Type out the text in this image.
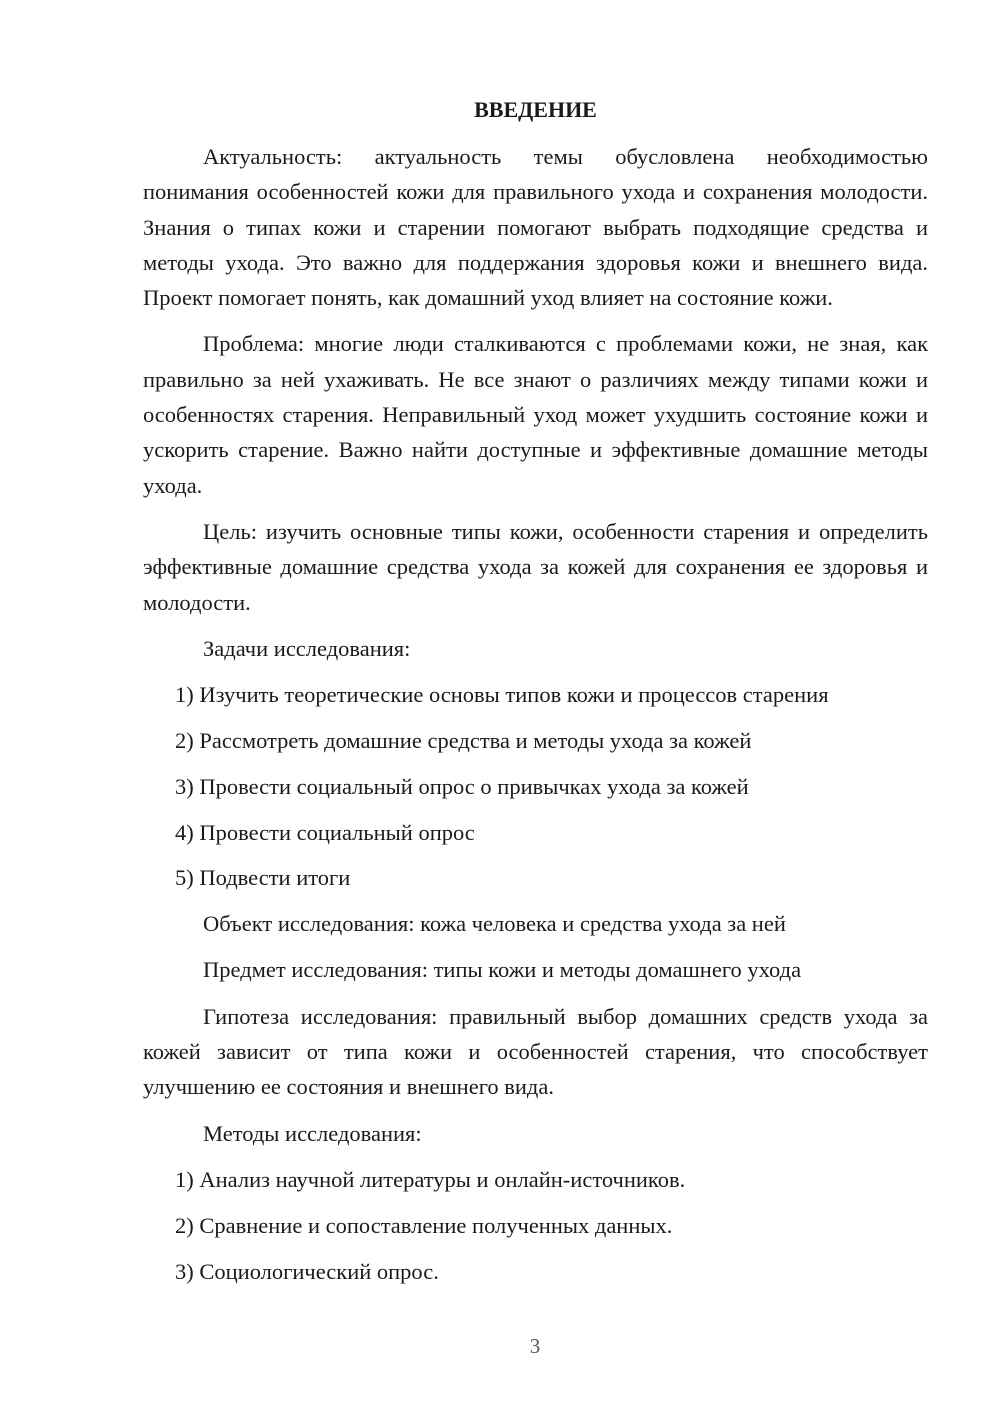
ВВЕДЕНИЕ

Актуальность: актуальность темы обусловлена необходимостью понимания особенностей кожи для правильного ухода и сохранения молодости. Знания о типах кожи и старении помогают выбрать подходящие средства и методы ухода. Это важно для поддержания здоровья кожи и внешнего вида. Проект помогает понять, как домашний уход влияет на состояние кожи.

Проблема: многие люди сталкиваются с проблемами кожи, не зная, как правильно за ней ухаживать. Не все знают о различиях между типами кожи и особенностях старения. Неправильный уход может ухудшить состояние кожи и ускорить старение. Важно найти доступные и эффективные домашние методы ухода.

Цель: изучить основные типы кожи, особенности старения и определить эффективные домашние средства ухода за кожей для сохранения ее здоровья и молодости.

Задачи исследования:

1) Изучить теоретические основы типов кожи и процессов старения
2) Рассмотреть домашние средства и методы ухода за кожей
3) Провести социальный опрос о привычках ухода за кожей
4) Провести социальный опрос
5) Подвести итоги

Объект исследования: кожа человека и средства ухода за ней

Предмет исследования: типы кожи и методы домашнего ухода

Гипотеза исследования: правильный выбор домашних средств ухода за кожей зависит от типа кожи и особенностей старения, что способствует улучшению ее состояния и внешнего вида.

Методы исследования:

1) Анализ научной литературы и онлайн-источников.
2) Сравнение и сопоставление полученных данных.
3) Социологический опрос.
3
